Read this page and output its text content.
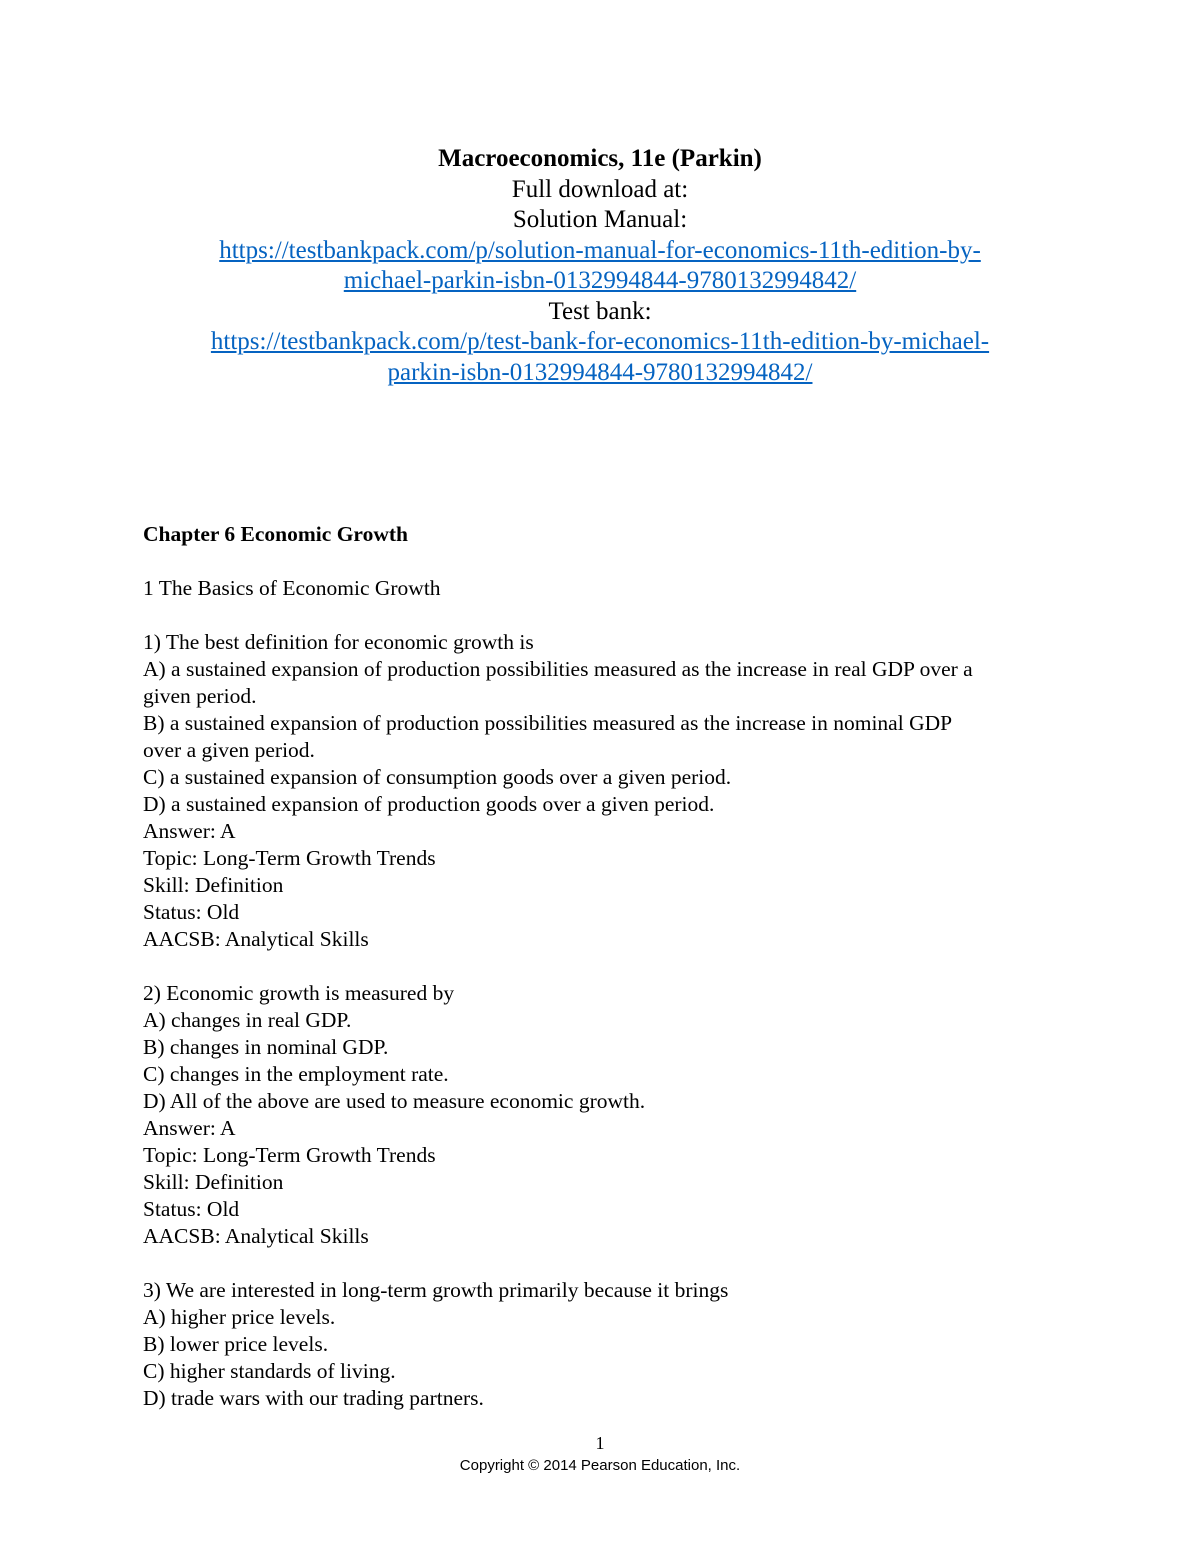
Macroeconomics, 11e (Parkin)
Full download at:
Solution Manual:
https://testbankpack.com/p/solution-manual-for-economics-11th-edition-by-
michael-parkin-isbn-0132994844-9780132994842/
Test bank:
https://testbankpack.com/p/test-bank-for-economics-11th-edition-by-michael-
parkin-isbn-0132994844-9780132994842/
Chapter 6 Economic Growth
1 The Basics of Economic Growth
1) The best definition for economic growth is
A) a sustained expansion of production possibilities measured as the increase in real GDP over a
given period.
B) a sustained expansion of production possibilities measured as the increase in nominal GDP
over a given period.
C) a sustained expansion of consumption goods over a given period.
D) a sustained expansion of production goods over a given period.
Answer: A
Topic: Long-Term Growth Trends
Skill: Definition
Status: Old
AACSB: Analytical Skills
2) Economic growth is measured by
A) changes in real GDP.
B) changes in nominal GDP.
C) changes in the employment rate.
D) All of the above are used to measure economic growth.
Answer: A
Topic: Long-Term Growth Trends
Skill: Definition
Status: Old
AACSB: Analytical Skills
3) We are interested in long-term growth primarily because it brings
A) higher price levels.
B) lower price levels.
C) higher standards of living.
D) trade wars with our trading partners.
1
Copyright © 2014 Pearson Education, Inc.
